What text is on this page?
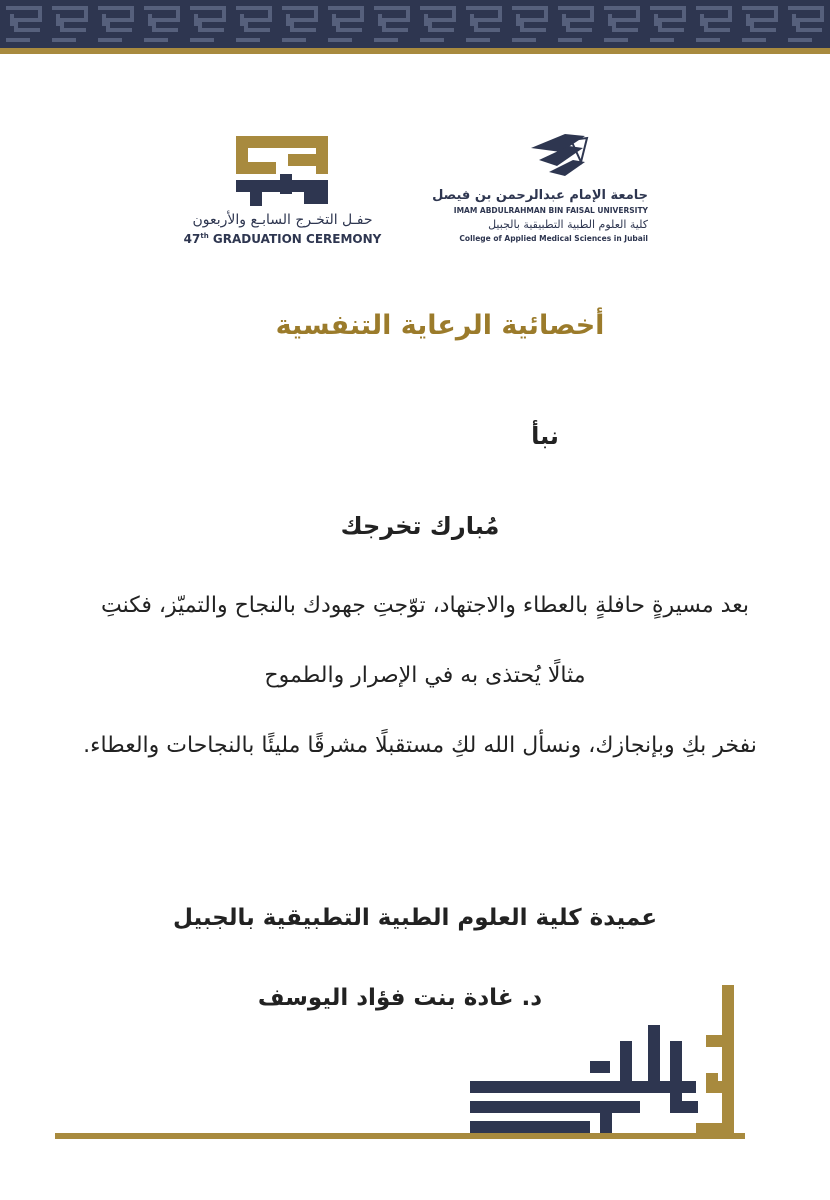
حفـل التخـرج السابـع والأربعون
47th GRADUATION CEREMONY
جامعة الإمام عبدالرحمن بن فيصل
IMAM ABDULRAHMAN BIN FAISAL UNIVERSITY
كلية العلوم الطبية التطبيقية بالجبيل
College of Applied Medical Sciences in Jubail
أخصائية الرعاية التنفسية
نبأ
مُبارك تخرجك
بعد مسيرةٍ حافلةٍ بالعطاء والاجتهاد، توّجتِ جهودك بالنجاح والتميّز، فكنتِ
مثالًا يُحتذى به في الإصرار والطموح
نفخر بكِ وبإنجازك، ونسأل الله لكِ مستقبلًا مشرقًا مليئًا بالنجاحات والعطاء.
عميدة كلية العلوم الطبية التطبيقية بالجبيل
د. غادة بنت فؤاد اليوسف
